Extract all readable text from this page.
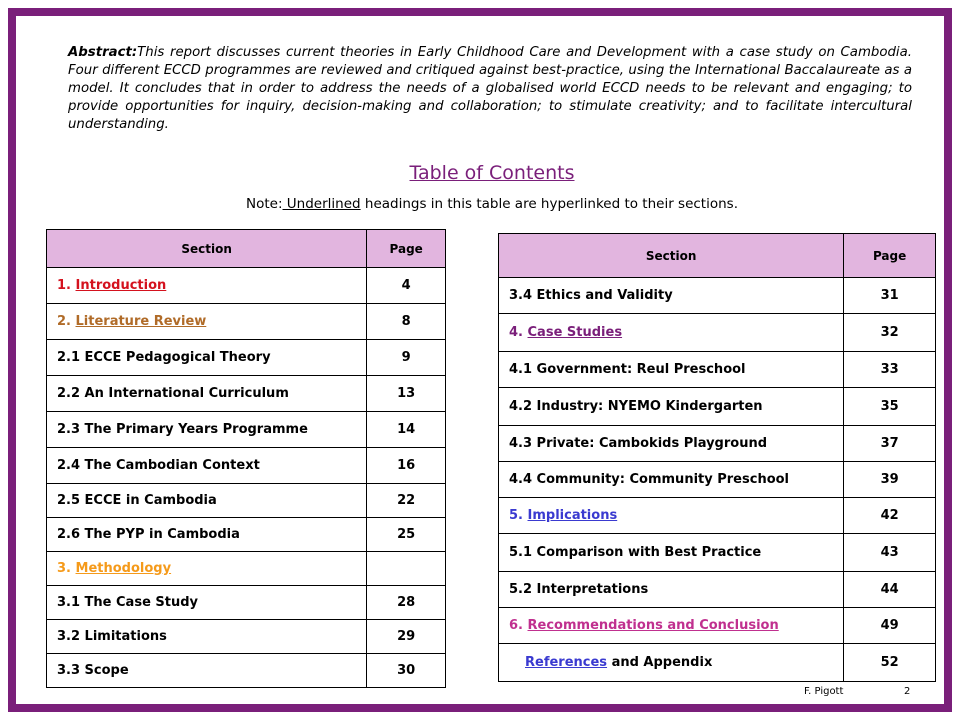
Abstract:This report discusses current theories in Early Childhood Care and Development with a case study on Cambodia. Four different ECCD programmes are reviewed and critiqued against best-practice, using the International Baccalaureate as a model. It concludes that in order to address the needs of a globalised world ECCD needs to be relevant and engaging; to provide opportunities for inquiry, decision-making and collaboration; to stimulate creativity; and to facilitate intercultural understanding.
Table of Contents
Note: Underlined headings in this table are hyperlinked to their sections.
Section	Page
1. Introduction	4
2. Literature Review	8
2.1 ECCE Pedagogical Theory	9
2.2 An International Curriculum	13
2.3 The Primary Years Programme	14
2.4 The Cambodian Context	16
2.5 ECCE in Cambodia	22
2.6 The PYP in Cambodia	25
3. Methodology	
3.1 The Case Study	28
3.2 Limitations	29
3.3 Scope	30
Section	Page
3.4 Ethics and Validity	31
4. Case Studies	32
4.1 Government: Reul Preschool	33
4.2 Industry: NYEMO Kindergarten	35
4.3 Private: Cambokids Playground	37
4.4 Community: Community Preschool	39
5. Implications	42
5.1 Comparison with Best Practice	43
5.2 Interpretations	44
6. Recommendations and Conclusion	49
References and Appendix	52
F. Pigott	2
